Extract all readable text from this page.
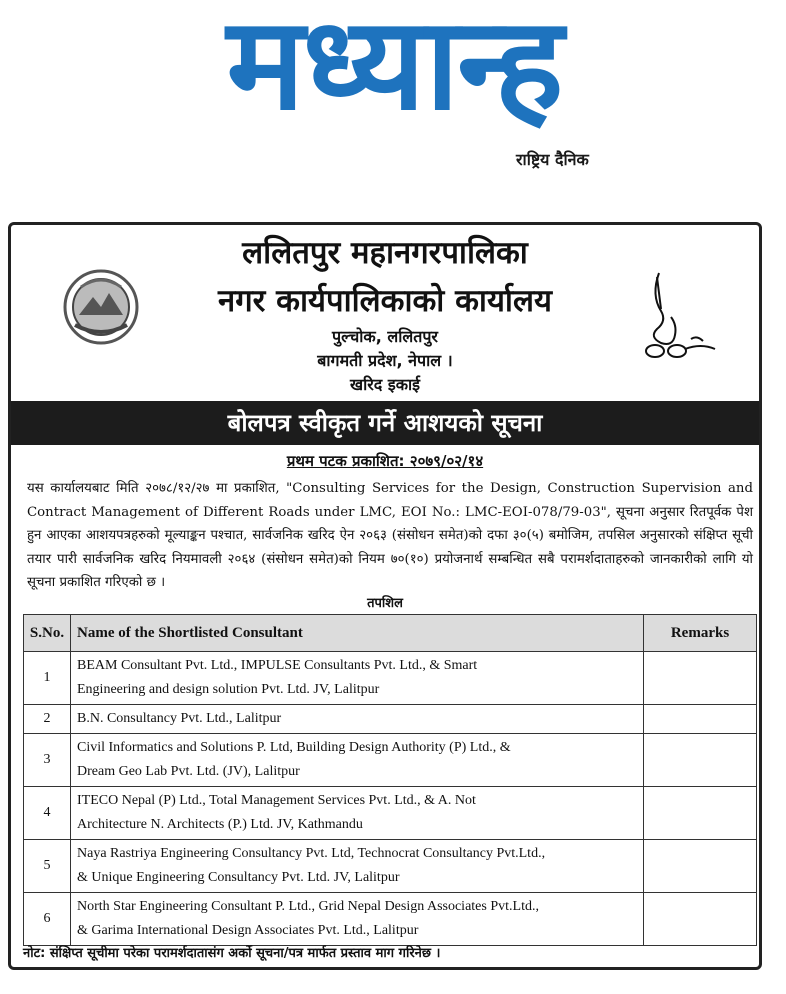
मध्यान्ह
राष्ट्रिय दैनिक
ललितपुर महानगरपालिका
नगर कार्यपालिकाको कार्यालय
पुल्चोक, ललितपुर
बागमती प्रदेश, नेपाल ।
खरिद इकाई
बोलपत्र स्वीकृत गर्ने आशयको सूचना
प्रथम पटक प्रकाशित: २०७९/०२/१४

यस कार्यालयबाट मिति २०७८/१२/२७ मा प्रकाशित, "Consulting Services for the Design, Construction Supervision and Contract Management of Different Roads under LMC, EOI No.: LMC-EOI-078/79-03", सूचना अनुसार रितपूर्वक पेश हुन आएका आशयपत्रहरुको मूल्याङ्कन पश्चात, सार्वजनिक खरिद ऐन २०६३ (संसोधन समेत)को दफा ३०(५) बमोजिम, तपसिल अनुसारको संक्षिप्त सूची तयार पारी सार्वजनिक खरिद नियमावली २०६४ (संसोधन समेत)को नियम ७०(१०) प्रयोजनार्थ सम्बन्धित सबै परामर्शदाताहरुको जानकारीको लागि यो सूचना प्रकाशित गरिएको छ ।

तपशिल
S.No.	Name of the Shortlisted Consultant	Remarks
1	BEAM Consultant Pvt. Ltd., IMPULSE Consultants Pvt. Ltd., & Smart
Engineering and design solution Pvt. Ltd. JV, Lalitpur	

2	B.N. Consultancy Pvt. Ltd., Lalitpur	

3	Civil Informatics and Solutions P. Ltd, Building Design Authority (P) Ltd., &
Dream Geo Lab Pvt. Ltd. (JV), Lalitpur	

4	ITECO Nepal (P) Ltd., Total Management Services Pvt. Ltd., & A. Not
Architecture N. Architects (P.) Ltd. JV, Kathmandu	

5	Naya Rastriya Engineering Consultancy Pvt. Ltd, Technocrat Consultancy Pvt.Ltd.,
& Unique Engineering Consultancy Pvt. Ltd. JV, Lalitpur	

6	North Star Engineering Consultant P. Ltd., Grid Nepal Design Associates Pvt.Ltd.,
& Garima International Design Associates Pvt. Ltd., Lalitpur	

नोट: संक्षिप्त सूचीमा परेका परामर्शदातासंग अर्को सूचना/पत्र मार्फत प्रस्ताव माग गरिनेछ ।
